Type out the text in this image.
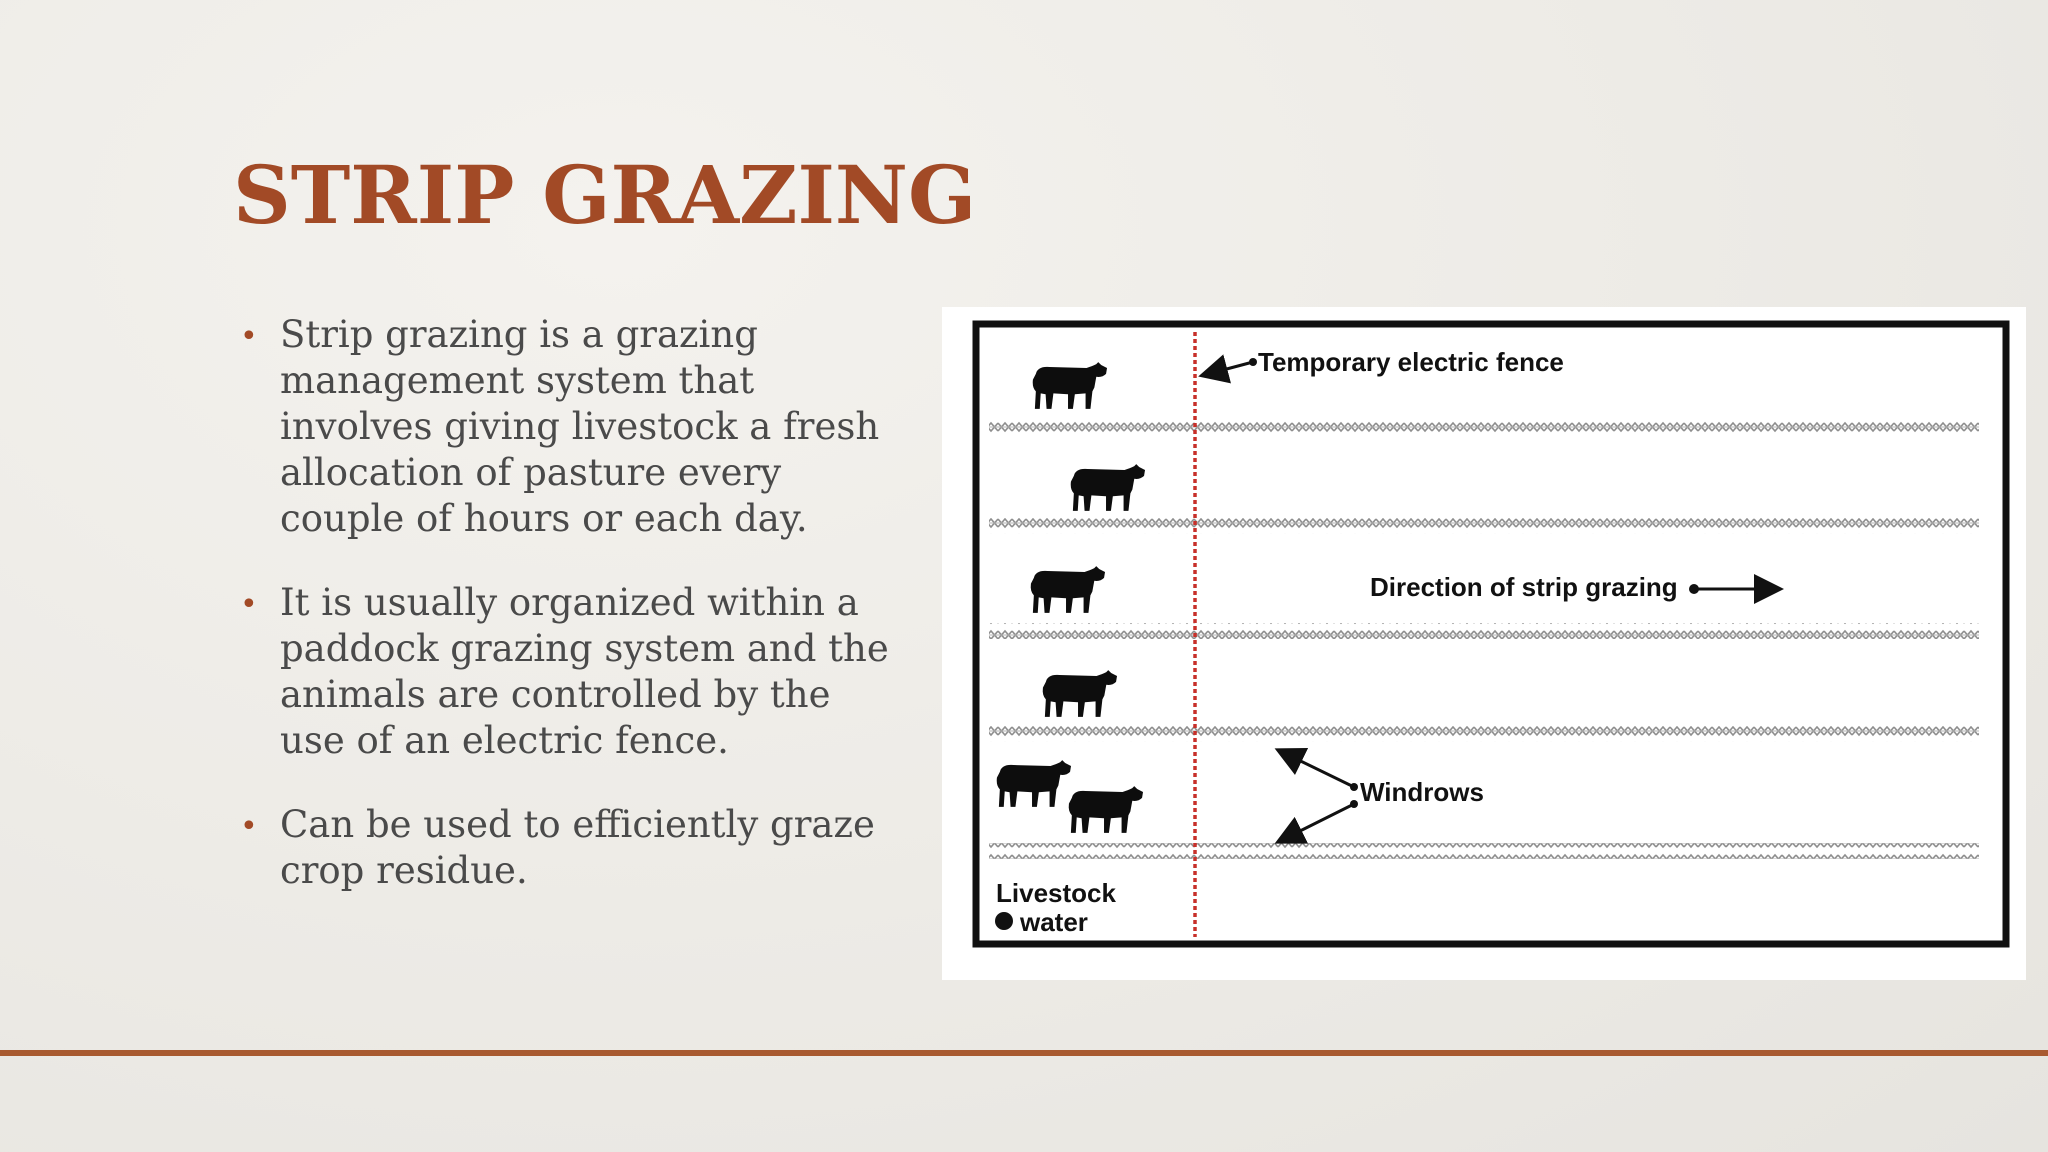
STRIP GRAZING
• Strip grazing is a grazing management system that involves giving livestock a fresh allocation of pasture every couple of hours or each day.
• It is usually organized within a paddock grazing system and the animals are controlled by the use of an electric fence.
• Can be used to efficiently graze crop residue.
Temporary electric fence
Direction of strip grazing
Windrows
Livestock
water
